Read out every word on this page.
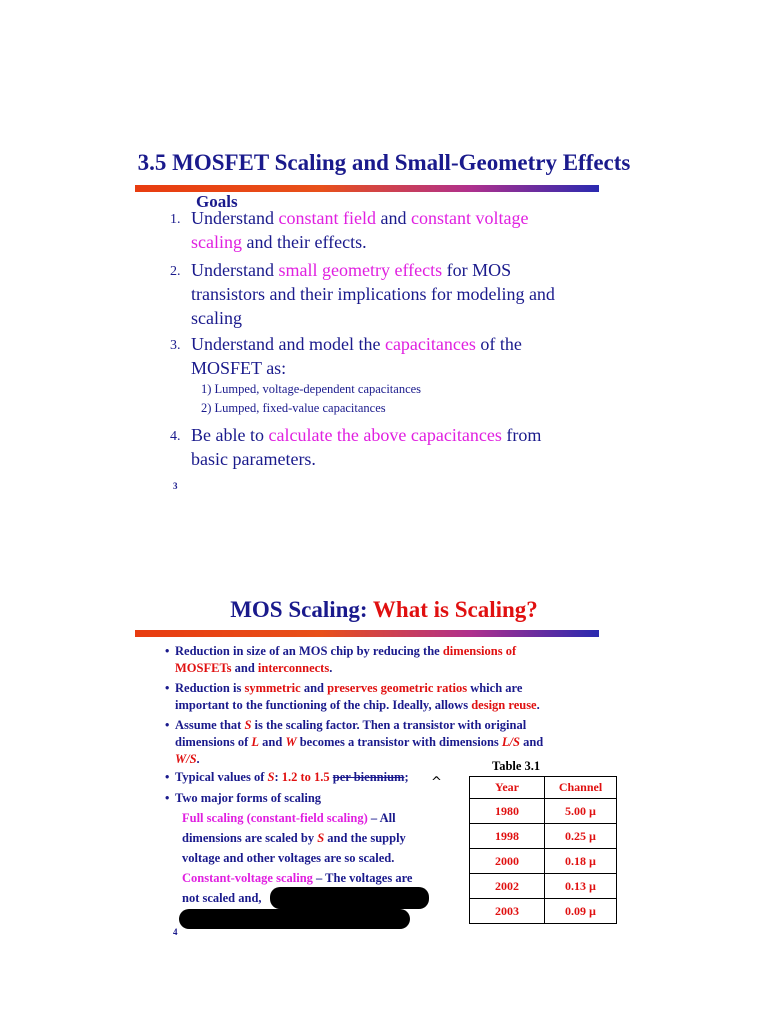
3.5 MOSFET Scaling and Small-Geometry Effects
Goals
1. Understand constant field and constant voltage
scaling and their effects.
2. Understand small geometry effects for MOS
transistors and their implications for modeling and
scaling
3. Understand and model the capacitances of the
MOSFET as:
4. Be able to calculate the above capacitances from
basic parameters.
1) Lumped, voltage-dependent capacitances
2) Lumped, fixed-value capacitances
3
MOS Scaling: What is Scaling?
• Reduction in size of an MOS chip by reducing the dimensions of
MOSFETs and interconnects.
• Reduction is symmetric and preserves geometric ratios which are
important to the functioning of the chip. Ideally, allows design reuse.
• Assume that S is the scaling factor. Then a transistor with original
dimensions of L and W becomes a transistor with dimensions L/S and
W/S.
• Typical values of S: 1.2 to 1.5 per biennium;	^
• Two major forms of scaling
Full scaling (constant-field scaling) – All
dimensions are scaled by S and the supply
voltage and other voltages are so scaled.
Constant-voltage scaling – The voltages are
not scaled and,
4
Table 3.1
Year	Channel
1980	5.00 µ
1998	0.25 µ
2000	0.18 µ
2002	0.13 µ
2003	0.09 µ
